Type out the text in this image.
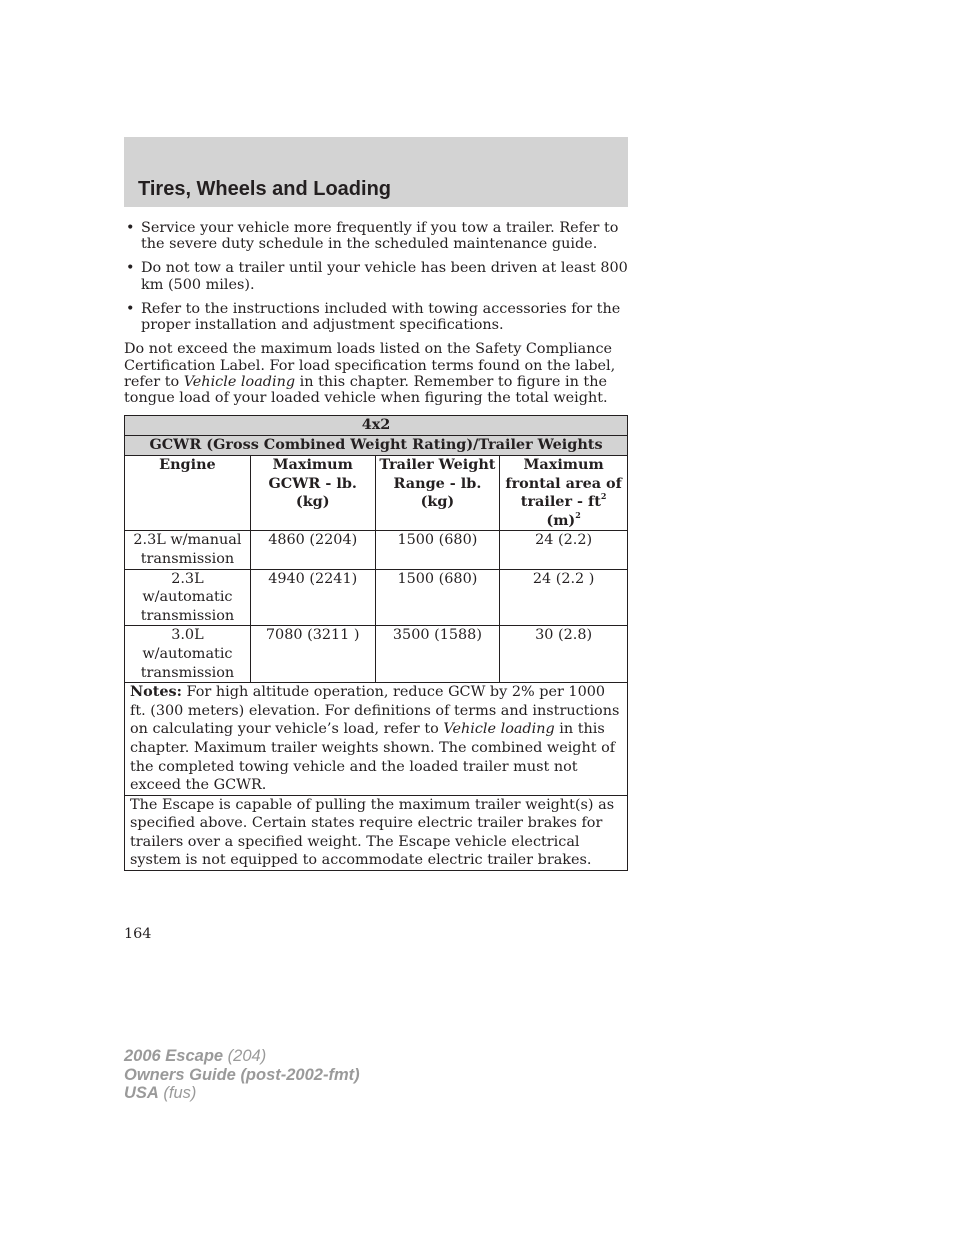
Tires, Wheels and Loading
• Service your vehicle more frequently if you tow a trailer. Refer to the severe duty schedule in the scheduled maintenance guide.
• Do not tow a trailer until your vehicle has been driven at least 800 km (500 miles).
• Refer to the instructions included with towing accessories for the proper installation and adjustment specifications.

Do not exceed the maximum loads listed on the Safety Compliance Certification Label. For load specification terms found on the label, refer to Vehicle loading in this chapter. Remember to figure in the tongue load of your loaded vehicle when figuring the total weight.

4x2			
GCWR (Gross Combined Weight Rating)/Trailer Weights			
Engine	Maximum GCWR - lb. (kg)	Trailer Weight Range - lb. (kg)	Maximum frontal area of trailer - $ft^2$ $(m)^2$
2.3L w/manual transmission	4860 (2204)	1500 (680)	24 (2.2)
2.3L w/automatic transmission	4940 (2241)	1500 (680)	24 (2.2 )
3.0L w/automatic transmission	7080 (3211 )	3500 (1588)	30 (2.8)
Notes: For high altitude operation, reduce GCW by 2% per 1000 ft. (300 meters) elevation. For definitions of terms and instructions on calculating your vehicle’s load, refer to Vehicle loading in this chapter. Maximum trailer weights shown. The combined weight of the completed towing vehicle and the loaded trailer must not exceed the GCWR.			
The Escape is capable of pulling the maximum trailer weight(s) as specified above. Certain states require electric trailer brakes for trailers over a specified weight. The Escape vehicle electrical system is not equipped to accommodate electric trailer brakes.			
164
2006 Escape (204)
Owners Guide (post-2002-fmt)
USA (fus)
